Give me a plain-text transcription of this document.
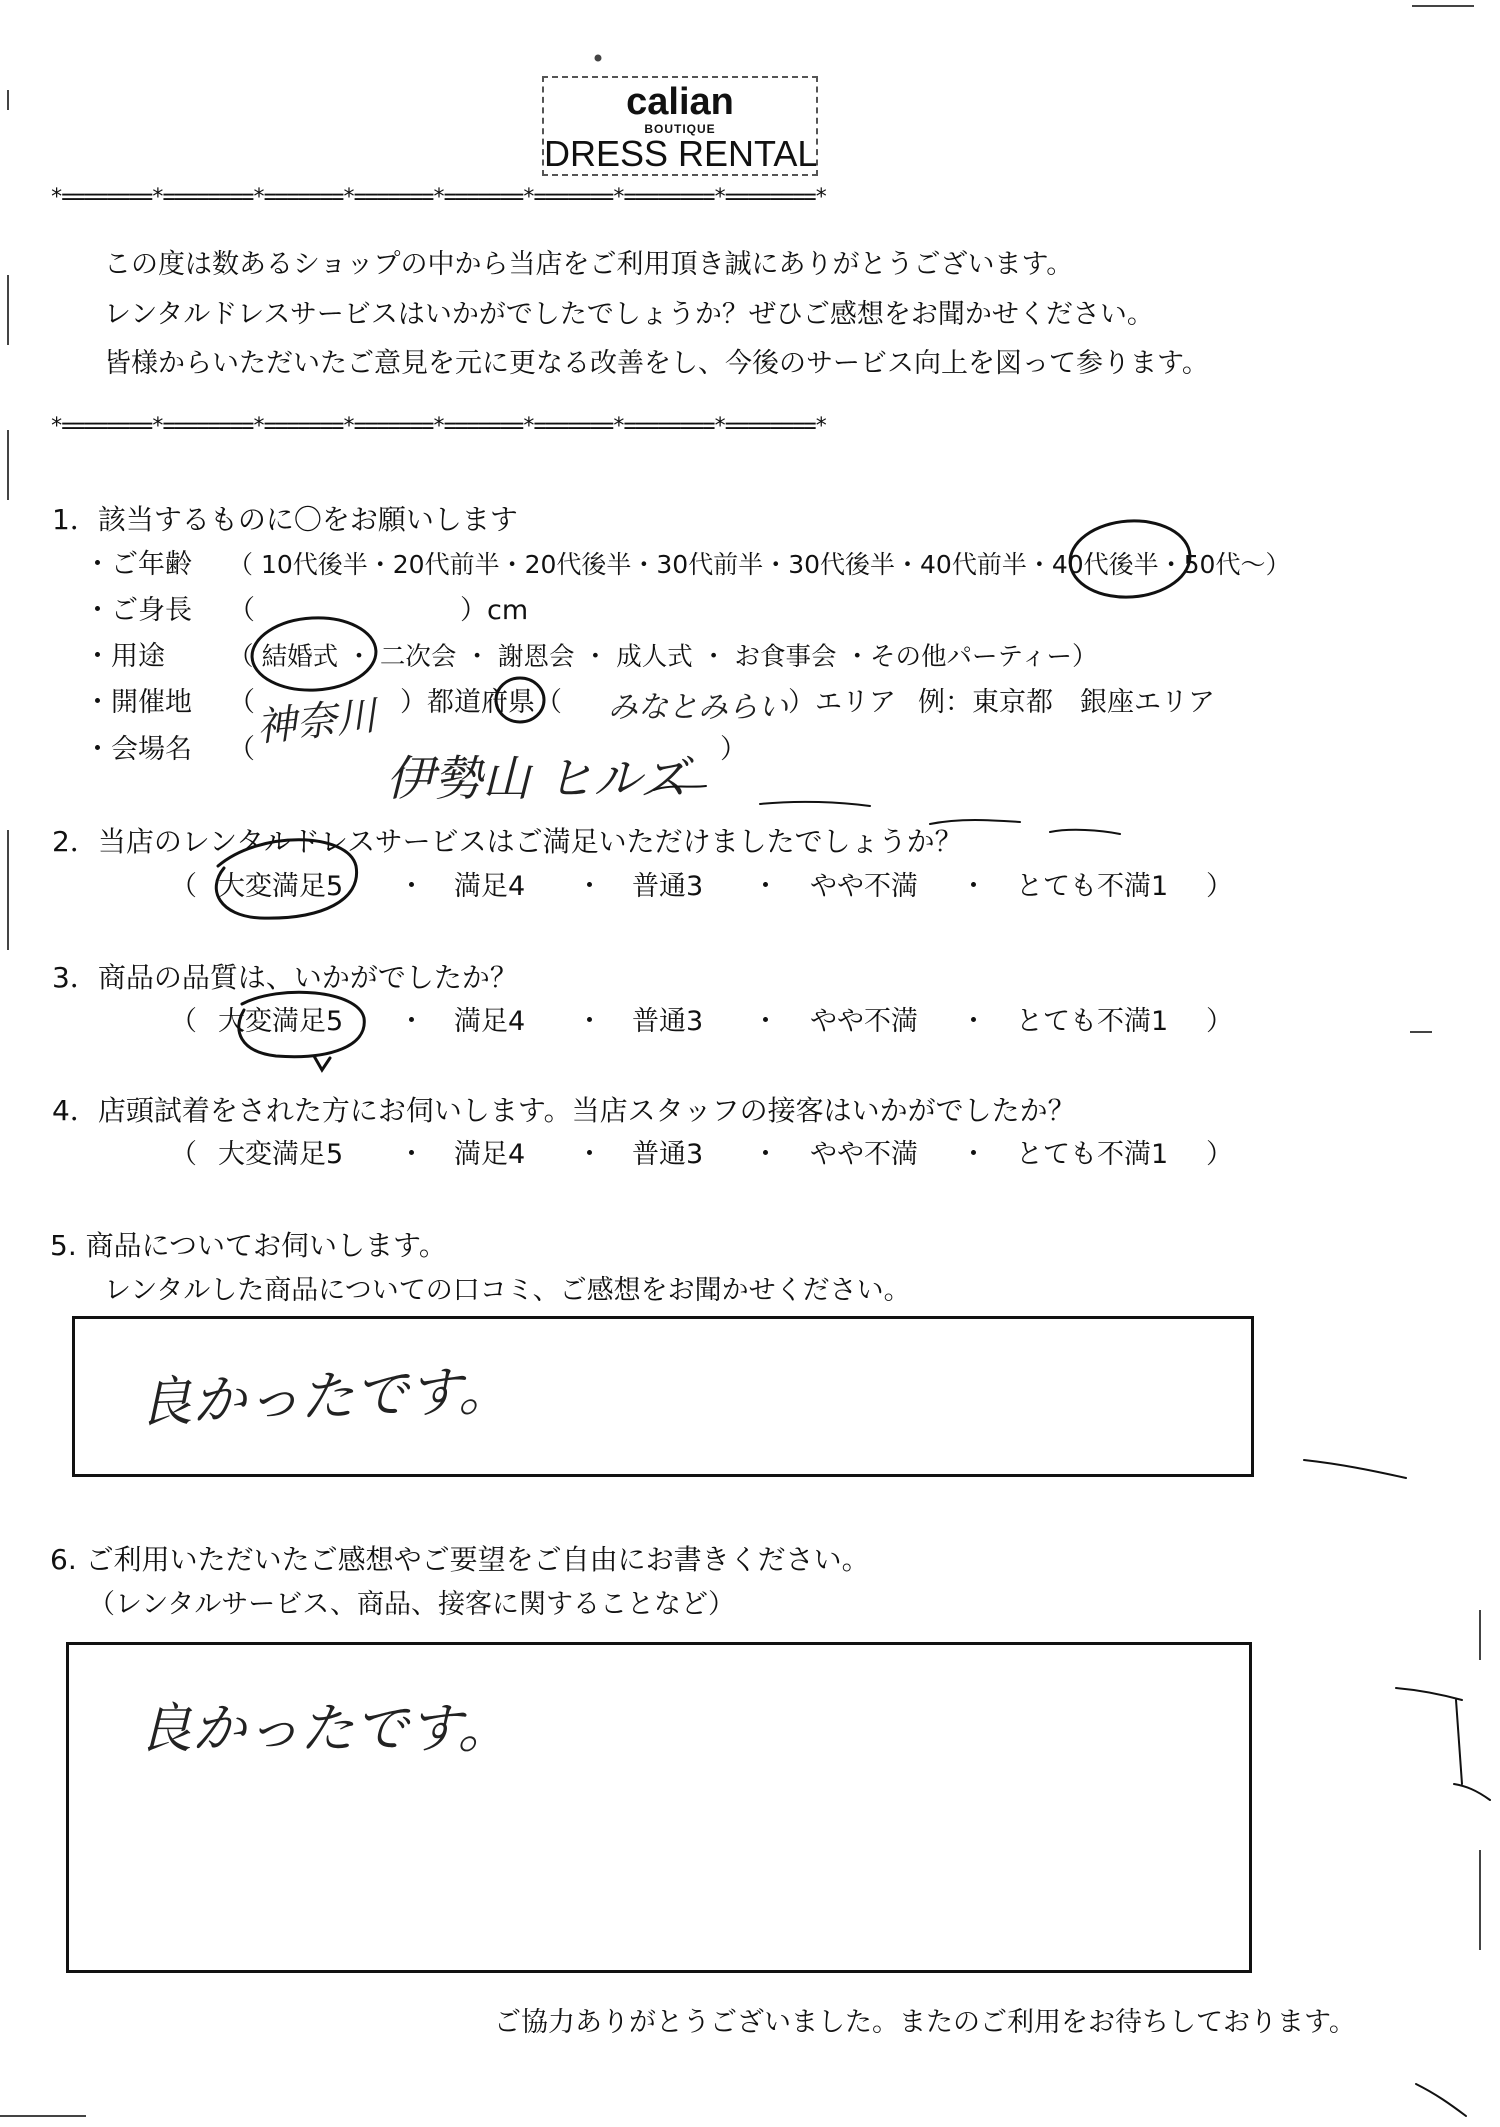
calian
BOUTIQUE
DRESS RENTAL
*========*========*=======*=======*=======*=======*========*========*
この度は数あるショップの中から当店をご利用頂き誠にありがとうございます。
レンタルドレスサービスはいかがでしたでしょうか？ぜひご感想をお聞かせください。
皆様からいただいたご意見を元に更なる改善をし、今後のサービス向上を図って参ります。
*========*========*=======*=======*=======*=======*========*========*
1．該当するものに〇をお願いします
・ご年齢 （ 10代後半・20代前半・20代後半・30代前半・30代後半・40代前半・40代後半・50代～）
・ご身長 （	）cm
・用途 （ 結婚式 ・ 二次会 ・ 謝恩会 ・ 成人式 ・ お食事会 ・その他パーティー）
・開催地 （ 神奈川 ）都道府県（ みなとみらい ）エリア 例：東京都　銀座エリア
・会場名 （
伊勢山 ヒルズ
）
2．当店のレンタルドレスサービスはご満足いただけましたでしょうか？
（ 大変満足5 ・ 満足4 ・ 普通3 ・ やや不満 ・ とても不満1 ）
3．商品の品質は、いかがでしたか？
（ 大変満足5 ・ 満足4 ・ 普通3 ・ やや不満 ・ とても不満1 ）
4．店頭試着をされた方にお伺いします。当店スタッフの接客はいかがでしたか？
（ 大変満足5 ・ 満足4 ・ 普通3 ・ やや不満 ・ とても不満1 ）
5. 商品についてお伺いします。
レンタルした商品についての口コミ、ご感想をお聞かせください。
良かったです。
6. ご利用いただいたご感想やご要望をご自由にお書きください。
（レンタルサービス、商品、接客に関することなど）
良かったです。
ご協力ありがとうございました。またのご利用をお待ちしております。
